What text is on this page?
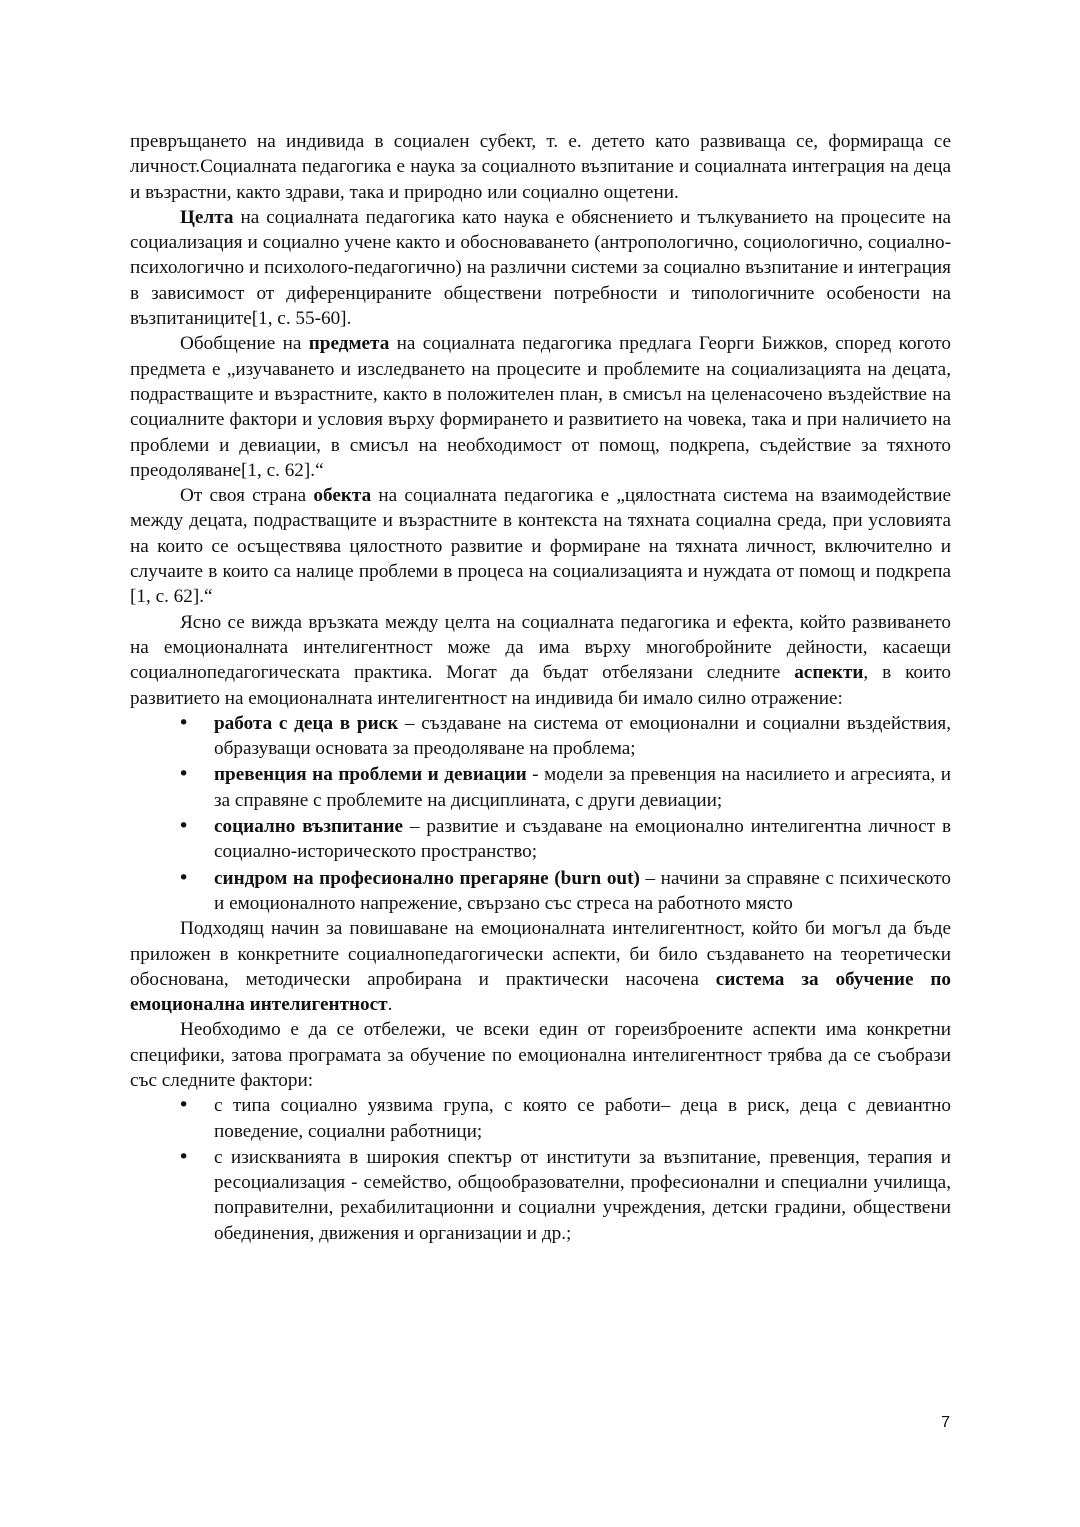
превръщането на индивида в социален субект, т. е. детето като развиваща се, формираща се личност.Социалната педагогика е наука за социалното възпитание и социалната интеграция на деца и възрастни, както здрави, така и природно или социално ощетени.

Целта на социалната педагогика като наука е обяснението и тълкуванието на процесите на социализация и социално учене както и обосноваването (антропологично, социологично, социално-психологично и психолого-педагогично) на различни системи за социално възпитание и интеграция в зависимост от диференцираните обществени потребности и типологичните особености на възпитаниците[1, с. 55-60].

Обобщение на предмета на социалната педагогика предлага Георги Бижков, според когото предмета е „изучаването и изследването на процесите и проблемите на социализацията на децата, подрастващите и възрастните, както в положителен план, в смисъл на целенасочено въздействие на социалните фактори и условия върху формирането и развитието на човека, така и при наличието на проблеми и девиации, в смисъл на необходимост от помощ, подкрепа, съдействие за тяхното преодоляване[1, с. 62].“

От своя страна обекта на социалната педагогика е „цялостната система на взаимодействие между децата, подрастващите и възрастните в контекста на тяхната социална среда, при условията на които се осъществява цялостното развитие и формиране на тяхната личност, включително и случаите в които са налице проблеми в процеса на социализацията и нуждата от помощ и подкрепа [1, с. 62].“

Ясно се вижда връзката между целта на социалната педагогика и ефекта, който развиването на емоционалната интелигентност може да има върху многобройните дейности, касаещи социалнопедагогическата практика. Могат да бъдат отбелязани следните аспекти, в които развитието на емоционалната интелигентност на индивида би имало силно отражение:

• работа с деца в риск – създаване на система от емоционални и социални въздействия, образуващи основата за преодоляване на проблема;
• превенция на проблеми и девиации - модели за превенция на насилието и агресията, и за справяне с проблемите на дисциплината, с други девиации;
• социално възпитание – развитие и създаване на емоционално интелигентна личност в социално-историческото пространство;
• синдром на професионално прегаряне (burn out) – начини за справяне с психическото и емоционалното напрежение, свързано със стреса на работното място

Подходящ начин за повишаване на емоционалната интелигентност, който би могъл да бъде приложен в конкретните социалнопедагогически аспекти, би било създаването на теоретически обоснована, методически апробирана и практически насочена система за обучение по емоционална интелигентност.

Необходимо е да се отбележи, че всеки един от гореизброените аспекти има конкретни специфики, затова програмата за обучение по емоционална интелигентност трябва да се съобрази със следните фактори:

• с типа социално уязвима група, с която се работи– деца в риск, деца с девиантно поведение, социални работници;
• с изискванията в широкия спектър от институти за възпитание, превенция, терапия и ресоциализация - семейство, общообразователни, професионални и специални училища, поправителни, рехабилитационни и социални учреждения, детски градини, обществени обединения, движения и организации и др.;
7
